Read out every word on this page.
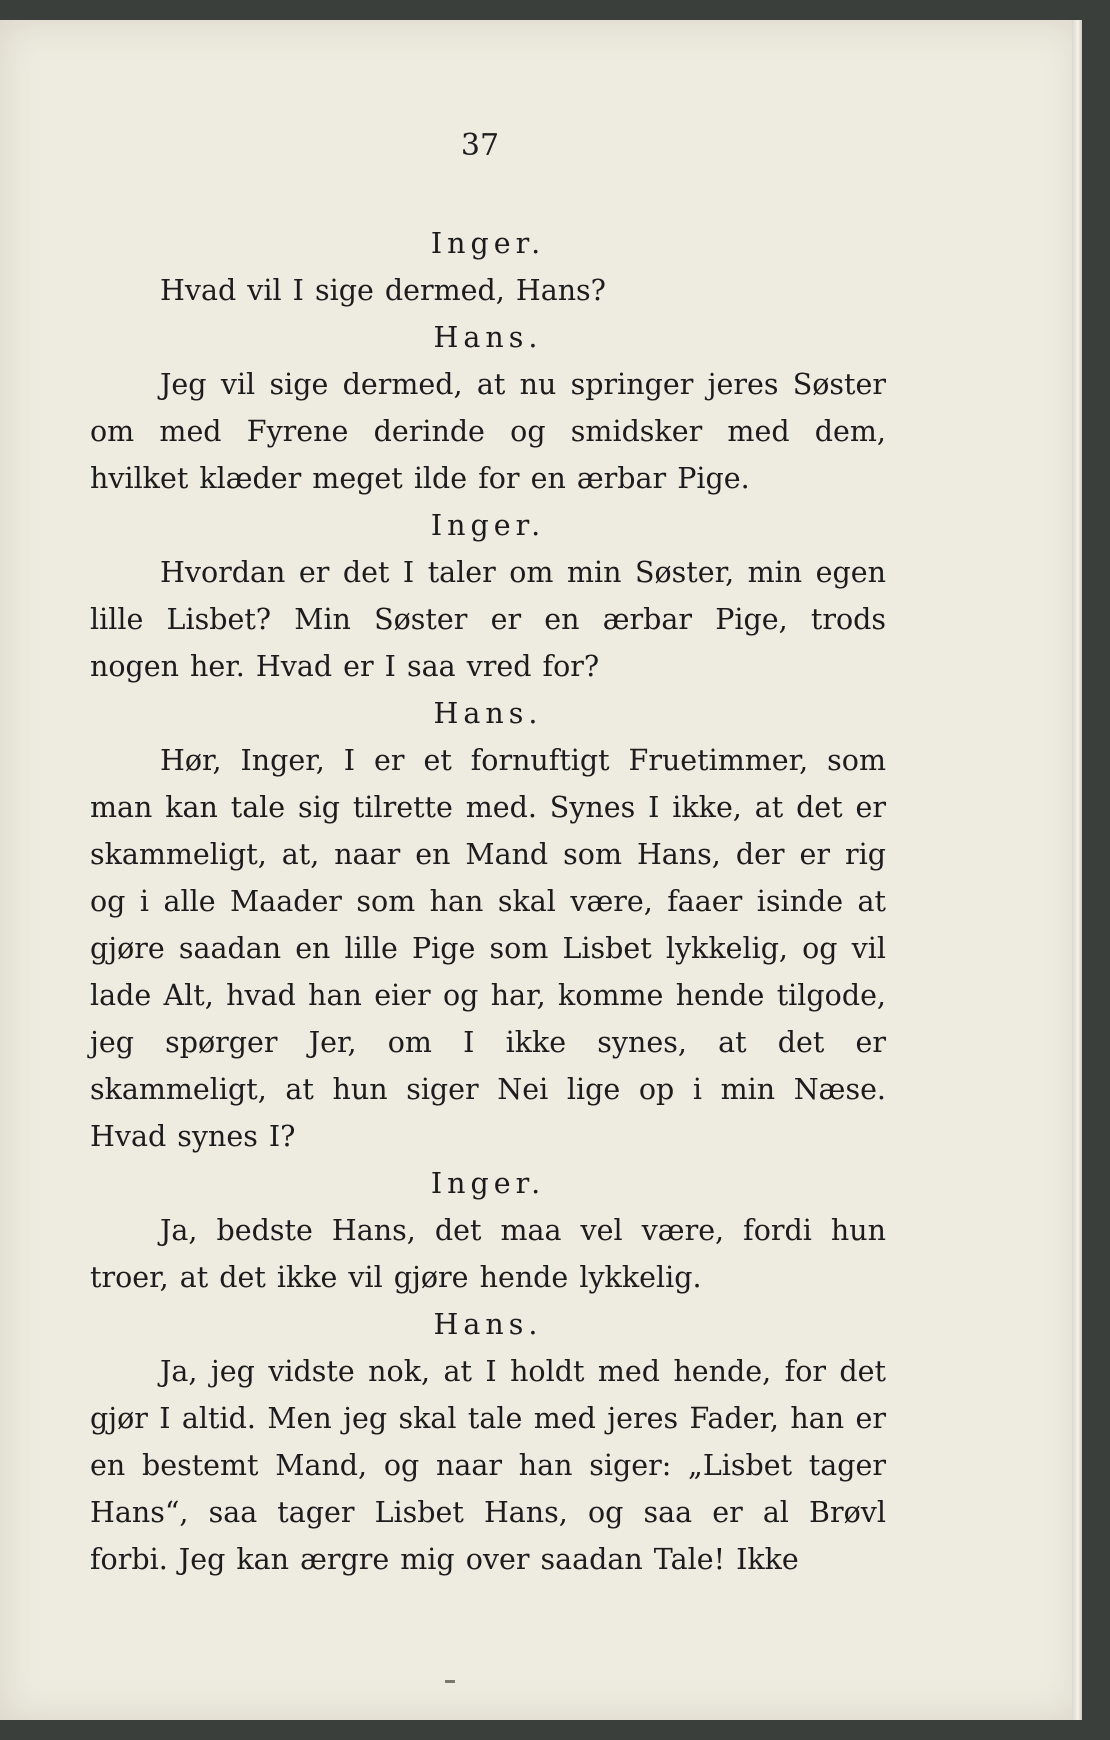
37
Inger.

Hvad vil I sige dermed, Hans?

Hans.

Jeg vil sige dermed, at nu springer jeres Søster om med Fyrene derinde og smidsker med dem, hvilket klæder meget ilde for en ærbar Pige.

Inger.

Hvordan er det I taler om min Søster, min egen lille Lisbet? Min Søster er en ærbar Pige, trods nogen her. Hvad er I saa vred for?

Hans.

Hør, Inger, I er et fornuftigt Fruetimmer, som man kan tale sig tilrette med. Synes I ikke, at det er skammeligt, at, naar en Mand som Hans, der er rig og i alle Maader som han skal være, faaer isinde at gjøre saadan en lille Pige som Lisbet lykkelig, og vil lade Alt, hvad han eier og har, komme hende tilgode, jeg spørger Jer, om I ikke synes, at det er skammeligt, at hun siger Nei lige op i min Næse. Hvad synes I?

Inger.

Ja, bedste Hans, det maa vel være, fordi hun troer, at det ikke vil gjøre hende lykkelig.

Hans.

Ja, jeg vidste nok, at I holdt med hende, for det gjør I altid. Men jeg skal tale med jeres Fader, han er en bestemt Mand, og naar han siger: „Lisbet tager Hans“, saa tager Lisbet Hans, og saa er al Brøvl forbi. Jeg kan ærgre mig over saadan Tale! Ikke
